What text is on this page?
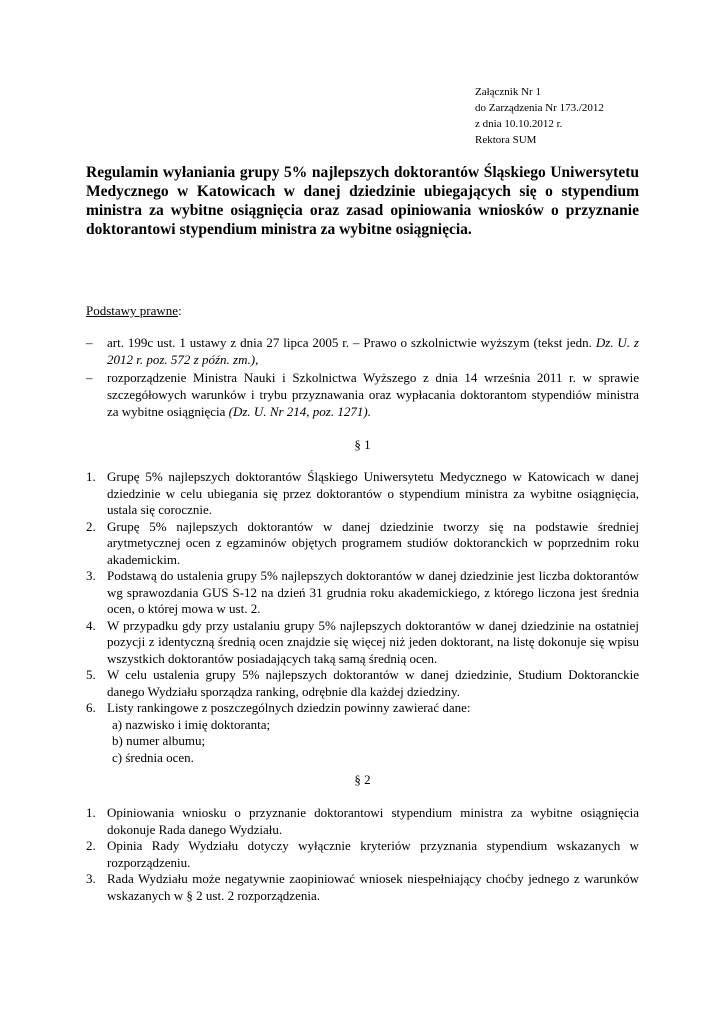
Załącznik Nr 1
do Zarządzenia Nr 173./2012
z dnia 10.10.2012 r.
Rektora SUM
Regulamin wyłaniania grupy 5% najlepszych doktorantów Śląskiego Uniwersytetu Medycznego w Katowicach w danej dziedzinie ubiegających się o stypendium ministra za wybitne osiągnięcia oraz zasad opiniowania wniosków o przyznanie doktorantowi stypendium ministra za wybitne osiągnięcia.
Podstawy prawne:
– art. 199c ust. 1 ustawy z dnia 27 lipca 2005 r. – Prawo o szkolnictwie wyższym (tekst jedn. Dz. U. z 2012 r. poz. 572 z późn. zm.),
– rozporządzenie Ministra Nauki i Szkolnictwa Wyższego z dnia 14 września 2011 r. w sprawie szczegółowych warunków i trybu przyznawania oraz wypłacania doktorantom stypendiów ministra za wybitne osiągnięcia (Dz. U. Nr 214, poz. 1271).
§ 1
1. Grupę 5% najlepszych doktorantów Śląskiego Uniwersytetu Medycznego w Katowicach w danej dziedzinie w celu ubiegania się przez doktorantów o stypendium ministra za wybitne osiągnięcia, ustala się corocznie.
2. Grupę 5% najlepszych doktorantów w danej dziedzinie tworzy się na podstawie średniej arytmetycznej ocen z egzaminów objętych programem studiów doktoranckich w poprzednim roku akademickim.
3. Podstawą do ustalenia grupy 5% najlepszych doktorantów w danej dziedzinie jest liczba doktorantów wg sprawozdania GUS S-12 na dzień 31 grudnia roku akademickiego, z którego liczona jest średnia ocen, o której mowa w ust. 2.
4. W przypadku gdy przy ustalaniu grupy 5% najlepszych doktorantów w danej dziedzinie na ostatniej pozycji z identyczną średnią ocen znajdzie się więcej niż jeden doktorant, na listę dokonuje się wpisu wszystkich doktorantów posiadających taką samą średnią ocen.
5. W celu ustalenia grupy 5% najlepszych doktorantów w danej dziedzinie, Studium Doktoranckie danego Wydziału sporządza ranking, odrębnie dla każdej dziedziny.
6. Listy rankingowe z poszczególnych dziedzin powinny zawierać dane:
a) nazwisko i imię doktoranta;
b) numer albumu;
c) średnia ocen.
§ 2
1. Opiniowania wniosku o przyznanie doktorantowi stypendium ministra za wybitne osiągnięcia dokonuje Rada danego Wydziału.
2. Opinia Rady Wydziału dotyczy wyłącznie kryteriów przyznania stypendium wskazanych w rozporządzeniu.
3. Rada Wydziału może negatywnie zaopiniować wniosek niespełniający choćby jednego z warunków wskazanych w § 2 ust. 2 rozporządzenia.
